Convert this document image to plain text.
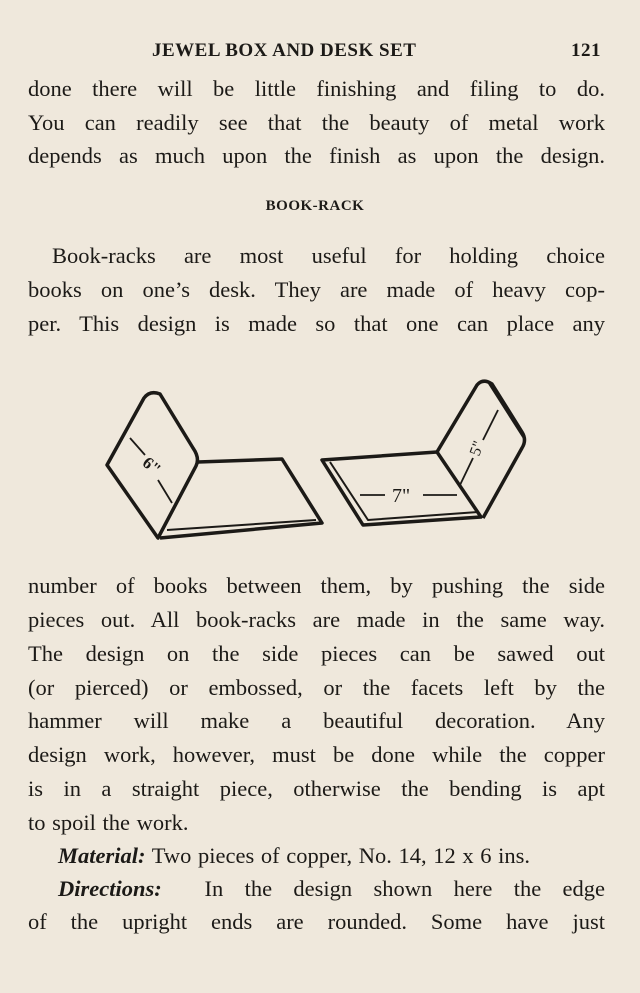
JEWEL BOX AND DESK SET	121
done there will be little finishing and filing to do.
You can readily see that the beauty of metal work
depends as much upon the finish as upon the design.
BOOK-RACK
Book-racks are most useful for holding choice
books on one’s desk. They are made of heavy cop-
per. This design is made so that one can place any
6"
7"
5"
number of books between them, by pushing the side
pieces out. All book-racks are made in the same way.
The design on the side pieces can be sawed out
(or pierced) or embossed, or the facets left by the
hammer will make a beautiful decoration. Any
design work, however, must be done while the copper
is in a straight piece, otherwise the bending is apt
to spoil the work.
Material: Two pieces of copper, No. 14, 12 x 6 ins.
Directions: In the design shown here the edge
of the upright ends are rounded. Some have just
